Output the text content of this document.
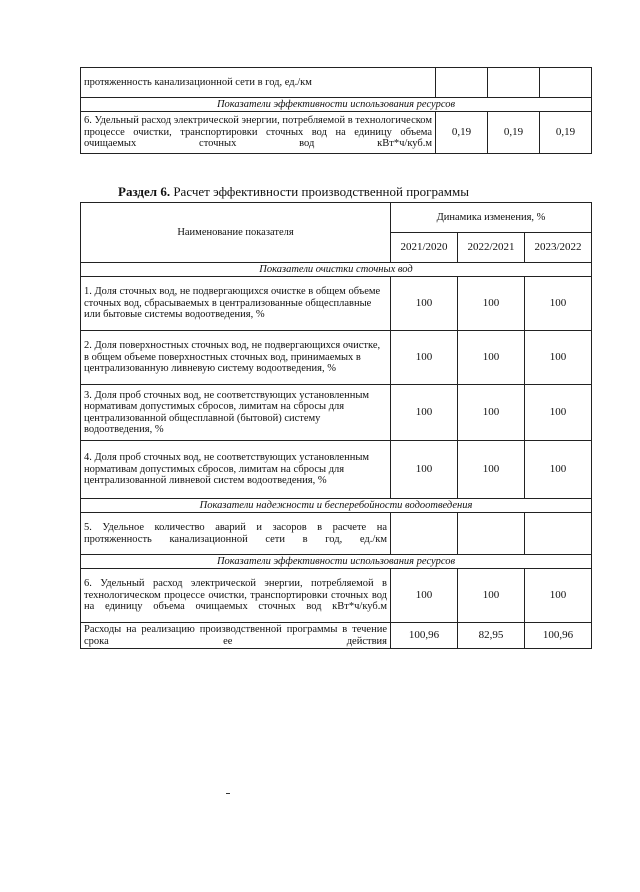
протяженность канализационной сети в год, ед./км			
Показатели эффективности использования ресурсов			
6. Удельный расход электрической энергии, потребляемой в технологическом процессе очистки, транспортировки сточных вод на единицу объема очищаемых сточных вод кВт*ч/куб.м	0,19	0,19	0,19
Раздел 6. Расчет эффективности производственной программы
Наименование показателя	Динамика изменения, %		
	2021/2020	2022/2021	2023/2022
Показатели очистки сточных вод			
1. Доля сточных вод, не подвергающихся очистке в общем объеме сточных вод, сбрасываемых в централизованные общесплавные или бытовые системы водоотведения, %	100	100	100
2. Доля поверхностных сточных вод, не подвергающихся очистке, в общем объеме поверхностных сточных вод, принимаемых в централизованную ливневую систему водоотведения, %	100	100	100
3. Доля проб сточных вод, не соответствующих установленным нормативам допустимых сбросов, лимитам на сбросы для централизованной общесплавной (бытовой) систему водоотведения, %	100	100	100
4. Доля проб сточных вод, не соответствующих установленным нормативам допустимых сбросов, лимитам на сбросы для централизованной ливневой систем водоотведения, %	100	100	100
Показатели надежности и бесперебойности водоотведения			
5. Удельное количество аварий и засоров в расчете на протяженность канализационной сети в год, ед./км			
Показатели эффективности использования ресурсов			
6. Удельный расход электрической энергии, потребляемой в технологическом процессе очистки, транспортировки сточных вод на единицу объема очищаемых сточных вод кВт*ч/куб.м	100	100	100
Расходы на реализацию производственной программы в течение срока ее действия	100,96	82,95	100,96
